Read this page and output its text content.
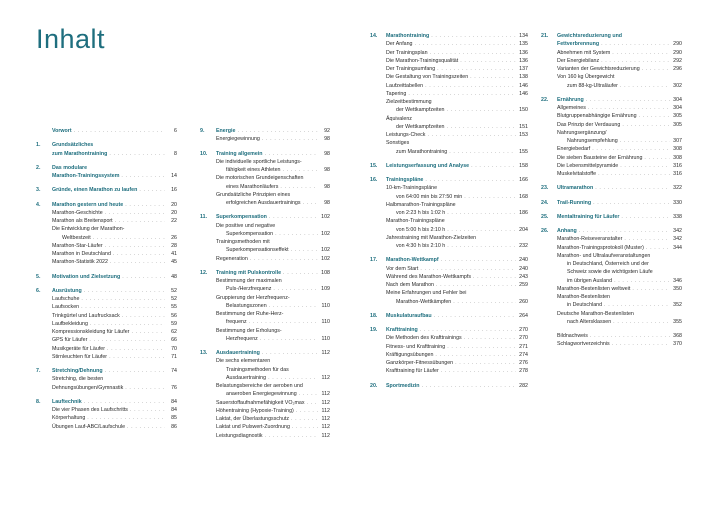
Inhalt
Vorwort . . .	6
1.	Grundsätzliches
zum Marathontraining . . .	8
2.	Das modulare
Marathon-Trainingssystem . . .	14
3.	Gründe, einen Marathon zu laufen . . .	16
4.	Marathon gestern und heute . . .	20
Marathon-Geschichte . . .	20
Marathon als Breitensport . . .	22
Die Entwicklung der Marathon-
Weltbestzeit . . .	26
Marathon-Star-Läufer . . .	28
Marathon in Deutschland . . .	41
Marathon-Statistik 2022 . . .	45
5.	Motivation und Zielsetzung . . .	48
6.	Ausrüstung . . .	52
Laufschuhe . . .	52
Laufsocken . . .	55
Trinkgürtel und Laufrucksack . . .	56
Laufbekleidung . . .	59
Kompressionskleidung für Läufer . . .	62
GPS für Läufer . . .	66
Musikgeräte für Läufer . . .	70
Stirnleuchten für Läufer . . .	71
7.	Stretching/Dehnung . . .	74
Stretching, die besten
Dehnungsübungen/Gymnastik . . .	76
8.	Lauftechnik . . .	84
Die vier Phasen des Laufschritts . . .	84
Körperhaltung . . .	85
Übungen Lauf-ABC/Laufschule . . .	86
9.	Energie . . .	92
Energiegewinnung . . .	98
10.	Training allgemein . . .	98
Die individuelle sportliche Leistungs-
fähigkeit eines Athleten . . .	98
Die motorischen Grundeigenschaften
eines Marathonläufers . . .	98
Grundsätzliche Prinzipien eines
erfolgreichen Ausdauertrainings . . .	98
11.	Superkompensation . . .	102
Die positive und negative
Superkompensation . . .	102
Trainingsmethoden mit
Superkompensationseffekt . . .	102
Regeneration . . .	102
12.	Training mit Pulskontrolle . . .	108
Bestimmung der maximalen
Puls-/Herzfrequenz . . .	109
Gruppierung der Herzfrequenz-
Belastungszonen . . .	110
Bestimmung der Ruhe-Herz-
frequenz . . .	110
Bestimmung der Erholungs-
Herzfrequenz . . .	110
13.	Ausdauertraining . . .	112
Die sechs elementaren
Trainingsmethoden für das
Ausdauertraining . . .	112
Belastungsbereiche der aeroben und
anaeroben Energiegewinnung . . .	112
Sauerstoffaufnahmefähigkeit VO₂max . . .	112
Höhentraining (Hypoxie-Training) . . .	112
Laktat, der Überlastungsschutz . . .	112
Laktat und Pulswert-Zuordnung . . .	112
Leistungsdiagnostik . . .	112
14.	Marathontraining . . .	134
Der Anfang . . .	135
Der Trainingsplan . . .	136
Die Marathon-Trainingsqualität . . .	136
Der Trainingsumfang . . .	137
Die Gestaltung von Trainingszeiten . . .	138
Laufzeittabellen . . .	146
Tapering . . .	146
Zielzeitbestimmung
der Wettkampfzeiten . . .	150
Äquivalenz
der Wettkampfzeiten . . .	151
Leistungs-Check . . .	153
Sonstiges
zum Marathontraining . . .	155
15.	Leistungserfassung und Analyse . . .	158
16.	Trainingspläne . . .	166
10-km-Trainingspläne
von 64:00 min bis 27:50 min . . .	168
Halbmarathon-Trainingspläne
von 2:23 h bis 1:02 h . . .	186
Marathon-Trainingspläne
von 5:00 h bis 2:10 h . . .	204
Jahrestraining mit Marathon-Zielzeiten
von 4:30 h bis 2:10 h . . .	232
17.	Marathon-Wettkampf . . .	240
Vor dem Start . . .	240
Während des Marathon-Wettkampfs . . .	243
Nach dem Marathon . . .	259
Meine Erfahrungen und Fehler bei
Marathon-Wettkämpfen . . .	260
18.	Muskulaturaufbau . . .	264
19.	Krafttraining . . .	270
Die Methoden des Krafttrainings . . .	270
Fitness- und Krafttraining . . .	271
Kräftigungsübungen . . .	274
Ganzkörper-Fitnessübungen . . .	276
Krafttraining für Läufer . . .	278
20.	Sportmedizin . . .	282
21.	Gewichtsreduzierung und
Fettverbrennung . . .	290
Abnehmen mit System . . .	290
Der Energiebilanz . . .	292
Varianten der Gewichtsreduzierung . . .	296
Von 160 kg Übergewicht
zum 88-kg-Ultraläufer . . .	302
22.	Ernährung . . .	304
Allgemeines . . .	304
Blutgruppenabhängige Ernährung . . .	305
Das Prinzip der Verdauung . . .	305
Nahrungsergänzung/
Nahrungsempfehlung . . .	307
Energiebedarf . . .	308
Die sieben Bausteine der Ernährung . . .	308
Die Lebensmittelpyramide . . .	316
Muskelvitalstoffe . . .	316
23.	Ultramarathon . . .	322
24.	Trail-Running . . .	330
25.	Mentaltraining für Läufer . . .	338
26.	Anhang . . .	342
Marathon-Reiseveranstalter . . .	342
Marathon-Trainingsprotokoll (Muster) . . .	344
Marathon- und Ultralaufveranstaltungen
in Deutschland, Österreich und der
Schweiz sowie die wichtigsten Läufe
im übrigen Ausland . . .	346
Marathon-Bestenlisten weltweit . . .	350
Marathon-Bestenlisten
in Deutschland . . .	352
Deutsche Marathon-Bestenlisten
nach Altersklassen . . .	355
Bildnachweis . . .	368
Schlagwortverzeichnis . . .	370
